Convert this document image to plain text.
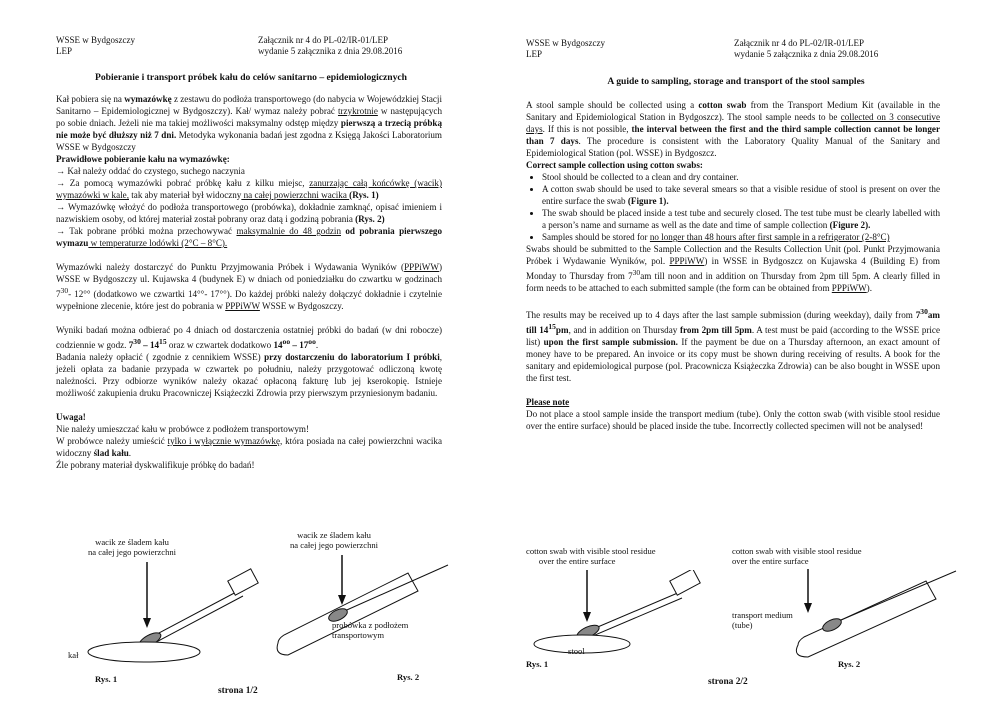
WSSE w Bydgoszczy
LEP
Załącznik nr 4 do PL-02/IR-01/LEP
wydanie 5 załącznika z dnia 29.08.2016
Pobieranie i transport próbek kału do celów sanitarno – epidemiologicznych

Kał pobiera się na wymazówkę z zestawu do podłoża transportowego (do nabycia w Wojewódzkiej Stacji Sanitarno – Epidemiologicznej w Bydgoszczy). Kał/ wymaz należy pobrać trzykrotnie w następujących po sobie dniach. Jeżeli nie ma takiej możliwości maksymalny odstęp między pierwszą a trzecią próbką nie może być dłuższy niż 7 dni. Metodyka wykonania badań jest zgodna z Księgą Jakości Laboratorium WSSE w Bydgoszczy

Prawidłowe pobieranie kału na wymazówkę:

→ Kał należy oddać do czystego, suchego naczynia

→ Za pomocą wymazówki pobrać próbkę kału z kilku miejsc, zanurzając całą końcówkę (wacik) wymazówki w kale, tak aby materiał był widoczny na całej powierzchni wacika (Rys. 1)

→ Wymazówkę włożyć do podłoża transportowego (probówka), dokładnie zamknąć, opisać imieniem i nazwiskiem osoby, od której materiał został pobrany oraz datą i godziną pobrania (Rys. 2)

→ Tak pobrane próbki można przechowywać maksymalnie do 48 godzin od pobrania pierwszego wymazu w temperaturze lodówki (2°C – 8°C).

Wymazówki należy dostarczyć do Punktu Przyjmowania Próbek i Wydawania Wyników (PPPiWW) WSSE w Bydgoszczy ul. Kujawska 4 (budynek E) w dniach od poniedziałku do czwartku w godzinach $7^{30}-$ 12°° (dodatkowo we czwartki 14°°- 17°°). Do każdej próbki należy dołączyć dokładnie i czytelnie wypełnione zlecenie, które jest do pobrania w PPPiWW WSSE w Bydgoszczy.

Wyniki badań można odbierać po 4 dniach od dostarczenia ostatniej próbki do badań (w dni robocze) codziennie w godz. $7^{30} - 14^{15}$ oraz w czwartek dodatkowo $14^{oo} - 17^{oo}$.

Badania należy opłacić ( zgodnie z cennikiem WSSE) przy dostarczeniu do laboratorium I próbki, jeżeli opłata za badanie przypada w czwartek po południu, należy przygotować odliczoną kwotę należności. Przy odbiorze wyników należy okazać opłaconą fakturę lub jej kserokopię. Istnieje możliwość zakupienia druku Pracowniczej Książeczki Zdrowia przy pierwszym przyniesionym badaniu.

Uwaga!

Nie należy umieszczać kału w probówce z podłożem transportowym!

W probówce należy umieścić tylko i wyłącznie wymazówkę, która posiada na całej powierzchni wacika widoczny ślad kału.

Źle pobrany materiał dyskwalifikuje próbkę do badań!

wacik ze śladem kału
na całej jego powierzchni
kał
Rys. 1
wacik ze śladem kału
na całej jego powierzchni
probówka z podłożem
transportowym
Rys. 2
strona 1/2
WSSE w Bydgoszczy
LEP
Załącznik nr 4 do PL-02/IR-01/LEP
wydanie 5 załącznika z dnia 29.08.2016
A guide to sampling, storage and transport of the stool samples

A stool sample should be collected using a cotton swab from the Transport Medium Kit (available in the Sanitary and Epidemiological Station in Bydgoszcz). The stool sample needs to be collected on 3 consecutive days. If this is not possible, the interval between the first and the third sample collection cannot be longer than 7 days. The procedure is consistent with the Laboratory Quality Manual of the Sanitary and Epidemiological Station (pol. WSSE) in Bydgoszcz.

Correct sample collection using cotton swabs:

• Stool should be collected to a clean and dry container.
• A cotton swab should be used to take several smears so that a visible residue of stool is present on over the entire surface the swab (Figure 1).
• The swab should be placed inside a test tube and securely closed. The test tube must be clearly labelled with a person’s name and surname as well as the date and time of sample collection (Figure 2).
• Samples should be stored for no longer than 48 hours after first sample in a refrigerator (2-8°C)

Swabs should be submitted to the Sample Collection and the Results Collection Unit (pol. Punkt Przyjmowania Próbek i Wydawanie Wyników, pol. PPPiWW) in WSSE in Bydgoszcz on Kujawska 4 (Building E) from Monday to Thursday from $7^{30}am$ till noon and in addition on Thursday from 2pm till 5pm. A clearly filled in form needs to be attached to each submitted sample (the form can be obtained from PPPiWW).

The results may be received up to 4 days after the last sample submission (during weekday), daily from $7^{30}am$ till $14^{15}pm$, and in addition on Thursday from 2pm till 5pm. A test must be paid (according to the WSSE price list) upon the first sample submission. If the payment be due on a Thursday afternoon, an exact amount of money have to be prepared. An invoice or its copy must be shown during receiving of results. A book for the sanitary and epidemiological purpose (pol. Pracownicza Książeczka Zdrowia) can be also bought in WSSE upon the first test.

Please note

Do not place a stool sample inside the transport medium (tube). Only the cotton swab (with visible stool residue over the entire surface) should be placed inside the tube. Incorrectly collected specimen will not be analysed!

cotton swab with visible stool residue
over the entire surface
stool
Rys. 1
cotton swab with visible stool residue
over the entire surface
transport medium
(tube)
Rys. 2
strona 2/2
